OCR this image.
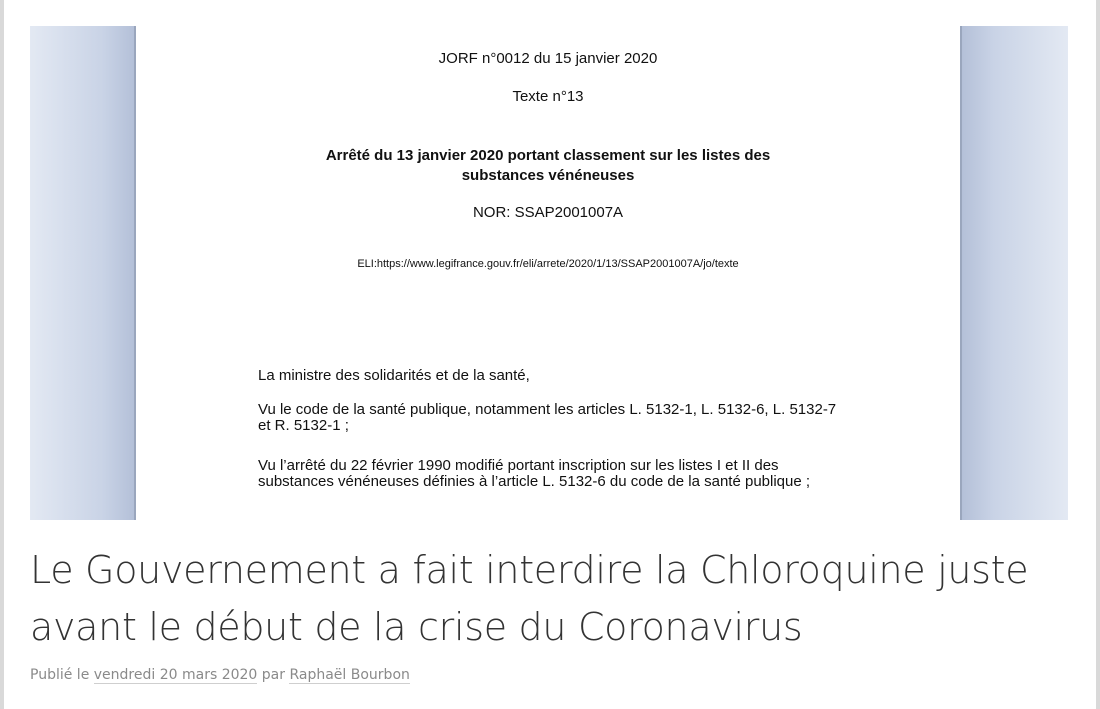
JORF n°0012 du 15 janvier 2020
Texte n°13
Arrêté du 13 janvier 2020 portant classement sur les listes des substances vénéneuses
NOR: SSAP2001007A
ELI:https://www.legifrance.gouv.fr/eli/arrete/2020/1/13/SSAP2001007A/jo/texte
La ministre des solidarités et de la santé,
Vu le code de la santé publique, notamment les articles L. 5132-1, L. 5132-6, L. 5132-7 et R. 5132-1 ;
Vu l’arrêté du 22 février 1990 modifié portant inscription sur les listes I et II des substances vénéneuses définies à l’article L. 5132-6 du code de la santé publique ;
Le Gouvernement a fait interdire la Chloroquine juste avant le début de la crise du Coronavirus
Publié le vendredi 20 mars 2020 par Raphaël Bourbon
